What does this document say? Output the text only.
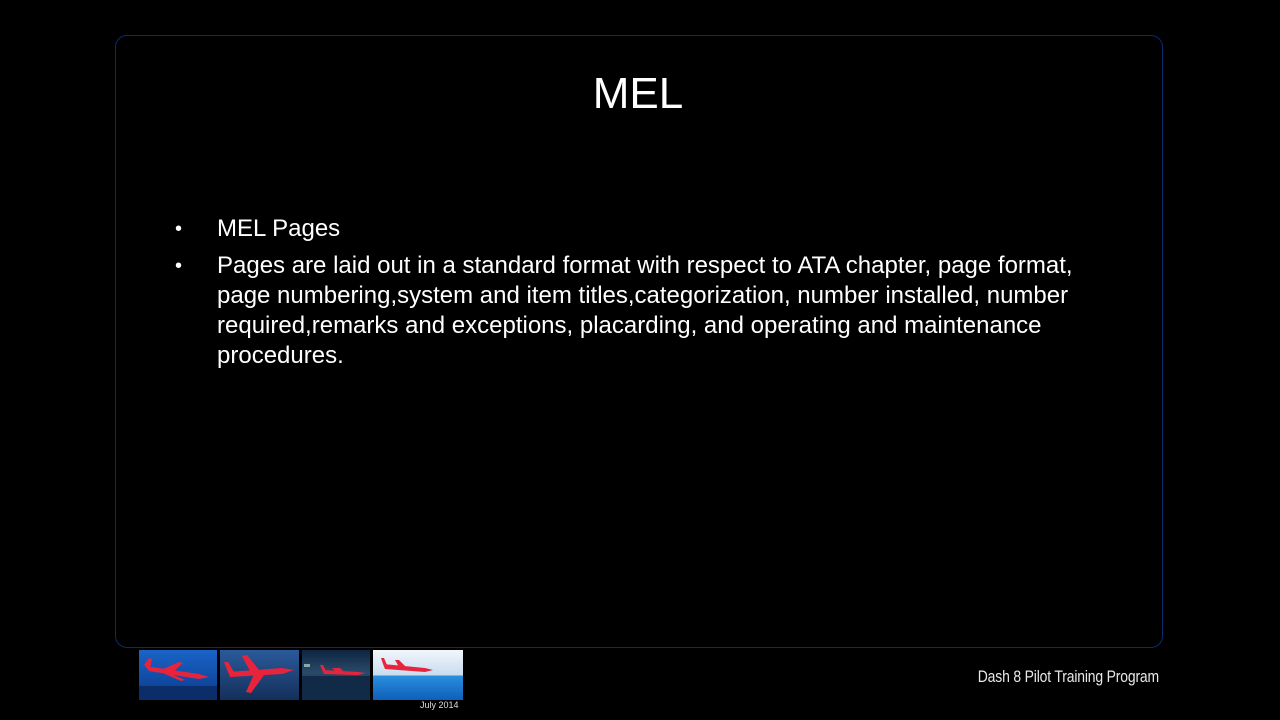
MEL
•	MEL Pages
•	Pages are laid out in a standard format with respect to ATA chapter, page format, page numbering,system and item titles,categorization, number installed, number required,remarks and exceptions, placarding, and operating and maintenance procedures.
July 2014
Dash 8 Pilot Training Program
